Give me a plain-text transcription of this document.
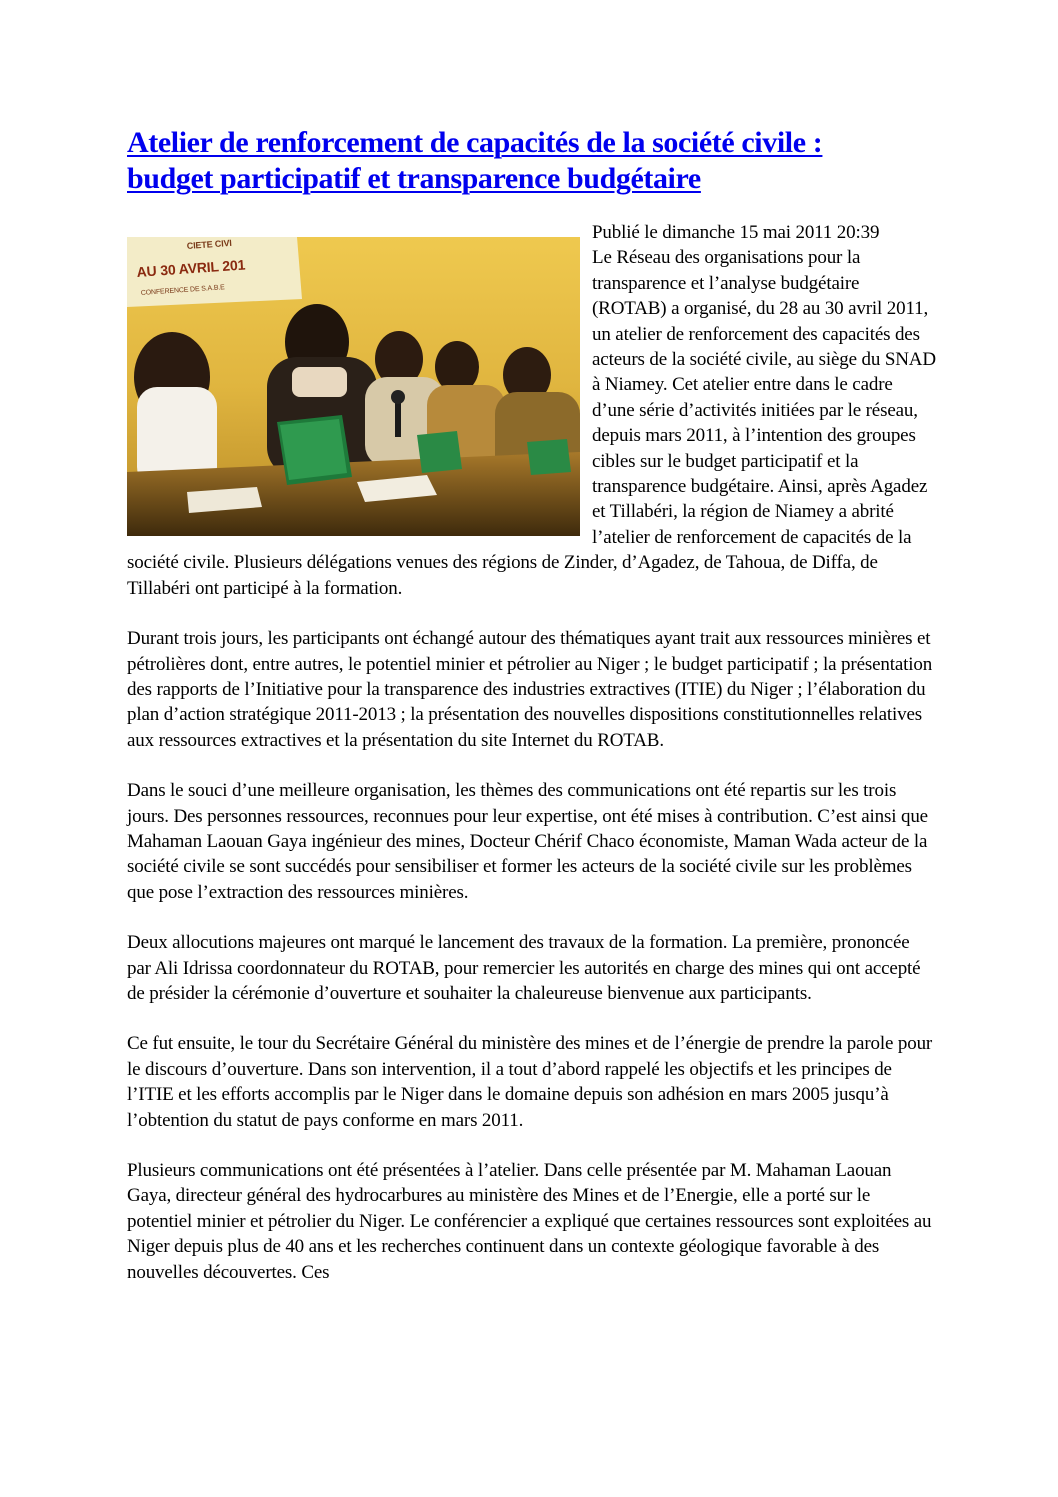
Atelier de renforcement de capacités de la société civile :
budget participatif et transparence budgétaire
CIETE CIVI
AU 30 AVRIL 201
CONFERENCE DE S.A.B.E
Publié le dimanche 15 mai 2011 20:39

Le Réseau des organisations pour la transparence et l’analyse budgétaire (ROTAB) a organisé, du 28 au 30 avril 2011, un atelier de renforcement des capacités des acteurs de la société civile, au siège du SNAD à Niamey. Cet atelier entre dans le cadre d’une série d’activités initiées par le réseau, depuis mars 2011, à l’intention des groupes cibles sur le budget participatif et la transparence budgétaire. Ainsi, après Agadez et Tillabéri, la région de Niamey a abrité l’atelier de renforcement de capacités de la société civile. Plusieurs délégations venues des régions de Zinder, d’Agadez, de Tahoua, de Diffa, de Tillabéri ont participé à la formation.

Durant trois jours, les participants ont échangé autour des thématiques ayant trait aux ressources minières et pétrolières dont, entre autres, le potentiel minier et pétrolier au Niger ; le budget participatif ; la présentation des rapports de l’Initiative pour la transparence des industries extractives (ITIE) du Niger ; l’élaboration du plan d’action stratégique 2011-2013 ; la présentation des nouvelles dispositions constitutionnelles relatives aux ressources extractives et la présentation du site Internet du ROTAB.

Dans le souci d’une meilleure organisation, les thèmes des communications ont été repartis sur les trois jours. Des personnes ressources, reconnues pour leur expertise, ont été mises à contribution. C’est ainsi que Mahaman Laouan Gaya ingénieur des mines, Docteur Chérif Chaco économiste, Maman Wada acteur de la société civile se sont succédés pour sensibiliser et former les acteurs de la société civile sur les problèmes que pose l’extraction des ressources minières.

Deux allocutions majeures ont marqué le lancement des travaux de la formation. La première, prononcée par Ali Idrissa coordonnateur du ROTAB, pour remercier les autorités en charge des mines qui ont accepté de présider la cérémonie d’ouverture et souhaiter la chaleureuse bienvenue aux participants.

Ce fut ensuite, le tour du Secrétaire Général du ministère des mines et de l’énergie de prendre la parole pour le discours d’ouverture. Dans son intervention, il a tout d’abord rappelé les objectifs et les principes de l’ITIE et les efforts accomplis par le Niger dans le domaine depuis son adhésion en mars 2005 jusqu’à l’obtention du statut de pays conforme en mars 2011.

Plusieurs communications ont été présentées à l’atelier. Dans celle présentée par M. Mahaman Laouan Gaya, directeur général des hydrocarbures au ministère des Mines et de l’Energie, elle a porté sur le potentiel minier et pétrolier du Niger. Le conférencier a expliqué que certaines ressources sont exploitées au Niger depuis plus de 40 ans et les recherches continuent dans un contexte géologique favorable à des nouvelles découvertes. Ces
